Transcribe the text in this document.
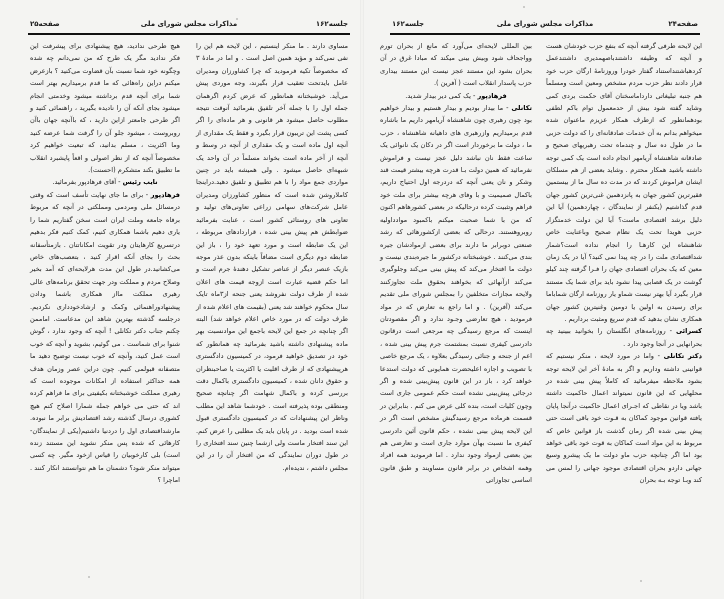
جلسه۱۶۲
مذاکرات مجلس شورای ملی
صفحه۲۵

مساوی دارند . ما منکر اینستیم ، این لایحه هم این را نفی نمی‌کند و مؤید همین اصل است . و اما در مادهٔ ۳ که مخصوصاً تکیه فرمودید که چرا کشاورزان ومدیران عامل بایدتحت تعقیب قرار بگیرند، وجه موردی پیش می‌آید. خوشبختانه همانطور که عرض کردم اگرهمان جمله اول را با جمله آخر تلفیق بفرمائید آنوقت نتیجه مطلوب حاصل میشود هر قانونی و هر ماده‌ای را اگر کسی پشت این تریبون قرار بگیرد و فقط یک مقداری از آنچه اول ماده است و یک مقداری از آنچه در وسط و آنچه از آخر ماده است بخواند مسلماً در آن واحد یک شبهه‌ای حاصل میشود . ولی همیشه باید در چنین مواردی جمع مواد را با هم تطبیق و تلفیق دهید.دراینجا کاملاروشن شده است که منظور کشاورزان ومدیران عامل شرکت‌های سهامی زراعی تعاونی‌های تولید و تعاونی های روستائی کشور است ، عنایت بفرمائید ضوابطش هم پیش بینی شده ، قراردادهای مربوطه ، این یک ضابطه است و مورد تعهد خود را ، باز این ضابطه دوم دیگری است مضافاً باینکه بدون عذر موجه بازیک عنصر دیگر از عناصر تشکیل دهندهٔ جرم است و اما حکم قضیه عبارت است ازوجه قیمت های اعلان شده از طرف دولت نفروشد یعنی جنحه از۳ماه تایک سال محکوم خواهند شد یعنی (بقیمت های اعلام شده از طرف دولت که در مورد خاص اعلام خواهد شد) البته اگر چنانچه در جمع این لایحه باجمع این موادنسبت بهر ماده پیشنهادی داشته باشید بفرمائید چه همانطور که خود در تصدیق خواهید فرمود، در کمیسیون دادگستری هرپیشنهادی که از طرف اقلیت یا اکثریت یا صاحبنظران و حقوق دانان شده ، کمیسیون دادگستری باکمال دقت بررسی کرده و باکمال شهامت اگر چنانچه صحیح ومنطقی بوده پذیرفته است . خودشما شاهد این مطلب وناظر این پیشنهادات که در کمیسیون دادگستری قبول شده است بودید . در پایان باید یک مطلبی را عرض کنم. این سند افتخار ماست ولی ازشما چنین سند افتخاری را در طول دوران نمایندگی که من افتخار آن را در این مجلس داشتم ، ندیده‌ام.

هیچ طرحی ندادید، هیچ پیشنهادی برای پیشرفت این فکر ندادید مگر یک طرح که من نمی‌دانم چه شده وچگونه خود شما نسبت بآن قضاوت می‌کنید ؟ بازعرض میکنم دراین راه‌هائی که ما قدم برمیداریم بهتر است شما برای آنچه قدم برداشته میشود وخدمتی انجام میشود بجای آنکه آن را نادیده بگیرید ، راهنمائی کنید و اگر طرحی جامعتر ازاین دارید ، که باآنچه جهان باآن روبروست ، میشود جلو آن را گرفت شما عرضه کنید وما اکثریت ، مسلم بدانید، که تبعیت خواهیم کرد مخصوصاً آنچه که از نظر اصولی و اقعاً پایشبرد انقلاب ما تطبیق بکند متشکرم (احسنت).

نایب رئیس - آقای فرهادپور بفرمائید.

فرهادپور - برای ما جای نهایت تأسف است که وقتی درمسائل ملی ومردمی ومملکتی در آنچه که مربوط برفاه جامعه وملت ایران است سخن گفتاریم شما را یاری دهیم باشما همکاری کنیم، کمک کنیم فکر بدهیم درتسریع کارهایتان ودر تقویت امکاناتتان . بازمتأسفانه بحث را بجای آنکه اقرار کنید ، بتعصب‌های خاص می‌کشانید.در طول این مدت هرلایحه‌ای که آمد بخیر وصلاح مردم و مملکت ودر جهت تحقق برنامه‌های عالی رهبری مملکت مااز همکاری باشما ودادن پیشنهادوراهنمائی وکمک و ارشادخودداری نکردیم. درجلسه گذشته بهترین شاهد این مدعاست. اماممن چکنم جناب دکتر تکانلی ! آنچه که وجود ندارد ، گوش شنوا برای شماست . می گوئیم، بشوید و آنچه که خوب است عمل کنید، وآنچه که خوب نیست توضیح دهید ما متصفانه قبولمی کنیم. چون دراین عصر وزمان هدف همه حداکثر استفاده از امکانات موجوده است که رهبری مملکت خوشبختانه بکیفیتی برای ما فراهم کرده اند که حتی می خواهم جمله شمارا اصلاح کنم هیچ کشوری درسال گذشته رشد اقتصادیش برابر ما نبوده. مارشداقتصادی اول را دردنیا داشتیم(یکی از نمایندگان- کارهائی که شده پس منکر نشوید این مستند زنده است) بلی کارخوبیان را قیاس ازخود مگیر. چه کسی میتواند منکر شود؟ دشمنان ما هم نتوانستند انکار کنند . اماچرا ؟

صفحه۲۴
مذاکرات مجلس شورای ملی
جلسه۱۶۲

این لایحه طرفی گرفته آنچه که بنفع حزب خودشان هست و آنچه که وظیفه داشتندباصهمدیری داشتندعمل کردهباشتنداستناد گفتار خودرا وروزنامهٔ ارگان حزب خود قرار دادند نظر حزب مردم مشخص ومعین است ومسلماً هم جنبه تبلیغاتی دارداماسخنان آقای حکمت بردی کمی وشاید گفته شود بیش از حدمعمول توام باکم لطفی بودهمانطور که ازطرف همکار عزیزم ماعنوان شده میخواهم بدانم به آن خدمات صادقانه‌ای را که دولت حزبی ما در طول ده سال و چندماه تحت رهبریهای صحیح و صادقانه شاهنشاه آریامهر انجام داده است یک کمی توجه داشته باشید همکار محترم . وشاید بعضی از هم مسلکان ایشان فراموش کردند که در مدت ده سال ما از بیستمین فقیرترین کشور جهان به پانزدهمین غنی‌ترین کشور جهان قدم گذاشتیم (یکنفر از نمایندگان ، چهاردهمین) آیا این دلیل برشد اقتصادی ماست؟ آیا این دولت خدمتگزار حزبی هویدا تحت یک نظام صحیح وباعنایت خاص شاهنشاه این کارهـا را انجام نداده است؟شمار شداقتصادی ملت را در چه پیدا نمی کنید؟ آیا در یک زمان معین که یک بحران اقتصادی جهان را فـرا گرفته چند کیلو گوشت در یک قصابی پیدا نشود باید برای شما یک مستند قرار بگیرد آیا بهتر نیست شماو یار روزنامه ارگان شماباما برای رسیدن به اولین یا دومین وغنیترین کشور جهان همکاری نشان بدهید که قدم سریع ومثبت برداریم .

کسرائی - روزنامه‌های انگلستان را بخوانید ببینید چه بحرانهایی در آنجا وجود دارد .

دکتر تکانلی - واما در مورد لایحه ، منکر نیستیم که قوانینی داشته وداریم و اگر به مادهٔ آخر این لایحه توجه بشود ملاحظه میفرمائید که کاملاً پیش بینی شده در محلهایی که این قانون نمیتواند اعمال حاکمیت داشته باشد ویا در نقاطی که اجـرای اعمال حاکمیت درآنجا پایان یافته قوانین موجود کماکان به قـوت خود باقی است حتی پیش بینی شده اگر زمان گذشت باز قوانین خاص که مربوط به این مواد است کماکان به قوت خود باقی خواهد بود اما اگر چنانچه حزب ماو دولت ما یک پیشرو وسیع جهانی داردو بحران اقتصادی موجود جهانی را لمس می کند وبـا توجه بـه بحران

بین المللی لایحه‌ای می‌آورد که مانع از بحران تورم وواجحاف شود وبیش بینی میکند که مبادا غرق در آن بحران بشود این مستند عجز نیست این مستند بیداری حزب پاسدار انقلاب است ( آفرین ).

فرهادپور - یک کمی دیر بیدار شدید.

تکانلی - ما بیدار بودیم و بیدار هستیم و بیدار خواهیم بود چون رهبری چون شاهنشاه آریامهر داریم ما باشاره قدم برمیداریم وازرهبری های داهیانه شاهنشاه ، حزب ما ، دولت ما برخوردار است اگر در دکان یک نانوائی یک ساعت فقط نان نباشد دلیل عجز نیست و فراموش نفرمائید که همین دولت بـا قدرت هرچه بیشتر قیمت قند وشکر و نان یعنی آنچه که دردرجه اول احتیاج داریم، باکمال صمیمیت و با وفای هرچه بیشتر برای ملت خود فراهم وتثبیت کرده درحالیکه در بعضی کشورهاهم اکنون که من با شما صحبت میکنم باکمبود موادداولیه روبروهستند. درحالی که بعضی ازکشورهائی که رشد صنعتی دوبرابر ما دارند برای بعضی ازموادشان جیره بندی می‌کنند . خوشبختانه درکشور ما جیره‌بندی نیست و دولت ما افتخار می‌کند که پیش بینی می‌کند وجلوگیری می‌کند ازآنهائی که بخواهند بحقوق ملت تجاوزکنند ولایحه مجازات متخلفین را بمجلس شورای ملی تقدیم می‌کند (آفرین) . و اما راجع به تعارض که در مواد فرمودید ، هیچ تعارضی وجـود ندارد و اگر مقصودتان اینست که مرجع رسیدگی چه مرجعی است درقانون دادرسی کیفری نسبت بمشتمت جرم پیش بینی شده ، اعم از جنحه و جنائی رسیدگی بعلاوه ، یک مرجع خاصی با تصویب و اجازه اعلیحضرت همایونی که دولت استدعا خواهد کرد ، باز در این قانون پیش‌بینی شده و اگر درجائی پیش‌بینی نشده است حکم عمومی جاری است وچون کلیات است، بنده کلی عرض می کنم . بنابراین در قسمت هرماده مرجع رسیدگیش مشخص است اگر در این لایحه پیش بینی نشده ، حکم قانون آئین دادرسی کیفری ما نسبت بهآن موارد جاری است و تعارضی هم بین بعضی ازمواد وجود ندارد . اما فرمودید همه افراد وهمه اشخاص در برابر قانون مساویند و طبق قانون اساسی تجاوزاتی
